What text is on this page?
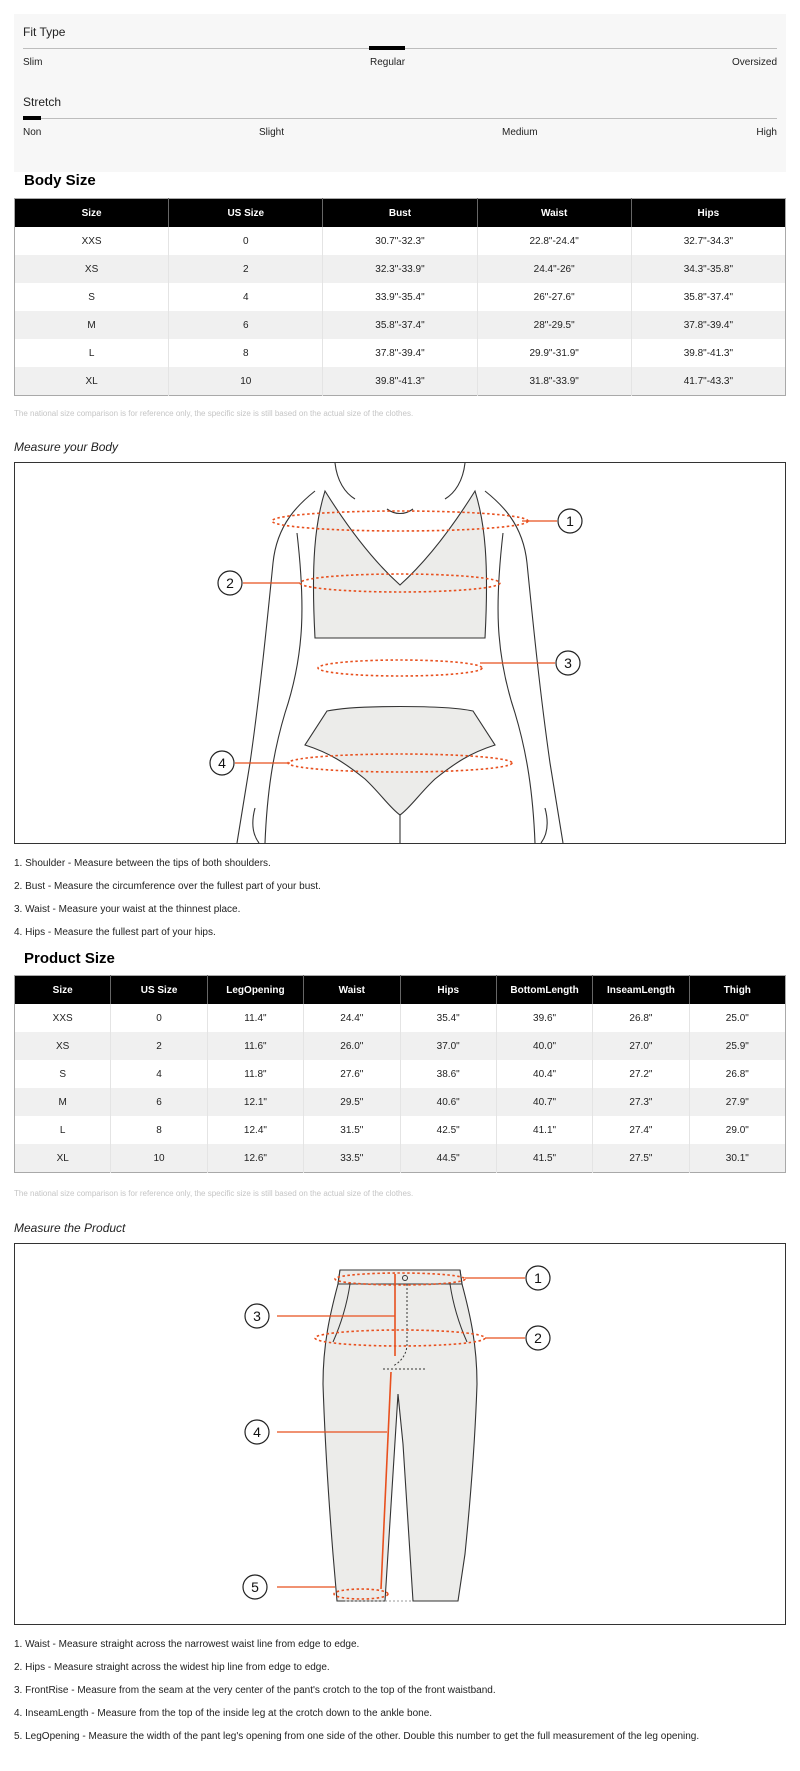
Fit Type
Slim	Regular	Oversized
Stretch
Non	Slight	Medium	High
Body Size
Size	US Size	Bust	Waist	Hips
XXS	0	30.7"-32.3"	22.8"-24.4"	32.7"-34.3"
XS	2	32.3"-33.9"	24.4"-26"	34.3"-35.8"
S	4	33.9"-35.4"	26"-27.6"	35.8"-37.4"
M	6	35.8"-37.4"	28"-29.5"	37.8"-39.4"
L	8	37.8"-39.4"	29.9"-31.9"	39.8"-41.3"
XL	10	39.8"-41.3"	31.8"-33.9"	41.7"-43.3"
The national size comparison is for reference only, the specific size is still based on the actual size of the clothes.
Measure your Body
1
2
3
4
1. Shoulder - Measure between the tips of both shoulders.
2. Bust - Measure the circumference over the fullest part of your bust.
3. Waist - Measure your waist at the thinnest place.
4. Hips - Measure the fullest part of your hips.
Product Size
Size	US Size	LegOpening	Waist	Hips	BottomLength	InseamLength	Thigh
XXS	0	11.4"	24.4"	35.4"	39.6"	26.8"	25.0"
XS	2	11.6"	26.0"	37.0"	40.0"	27.0"	25.9"
S	4	11.8"	27.6"	38.6"	40.4"	27.2"	26.8"
M	6	12.1"	29.5"	40.6"	40.7"	27.3"	27.9"
L	8	12.4"	31.5"	42.5"	41.1"	27.4"	29.0"
XL	10	12.6"	33.5"	44.5"	41.5"	27.5"	30.1"
The national size comparison is for reference only, the specific size is still based on the actual size of the clothes.
Measure the Product
1
2
3
4
5
1. Waist - Measure straight across the narrowest waist line from edge to edge.
2. Hips - Measure straight across the widest hip line from edge to edge.
3. FrontRise - Measure from the seam at the very center of the pant's crotch to the top of the front waistband.
4. InseamLength - Measure from the top of the inside leg at the crotch down to the ankle bone.
5. LegOpening - Measure the width of the pant leg's opening from one side of the other. Double this number to get the full measurement of the leg opening.
